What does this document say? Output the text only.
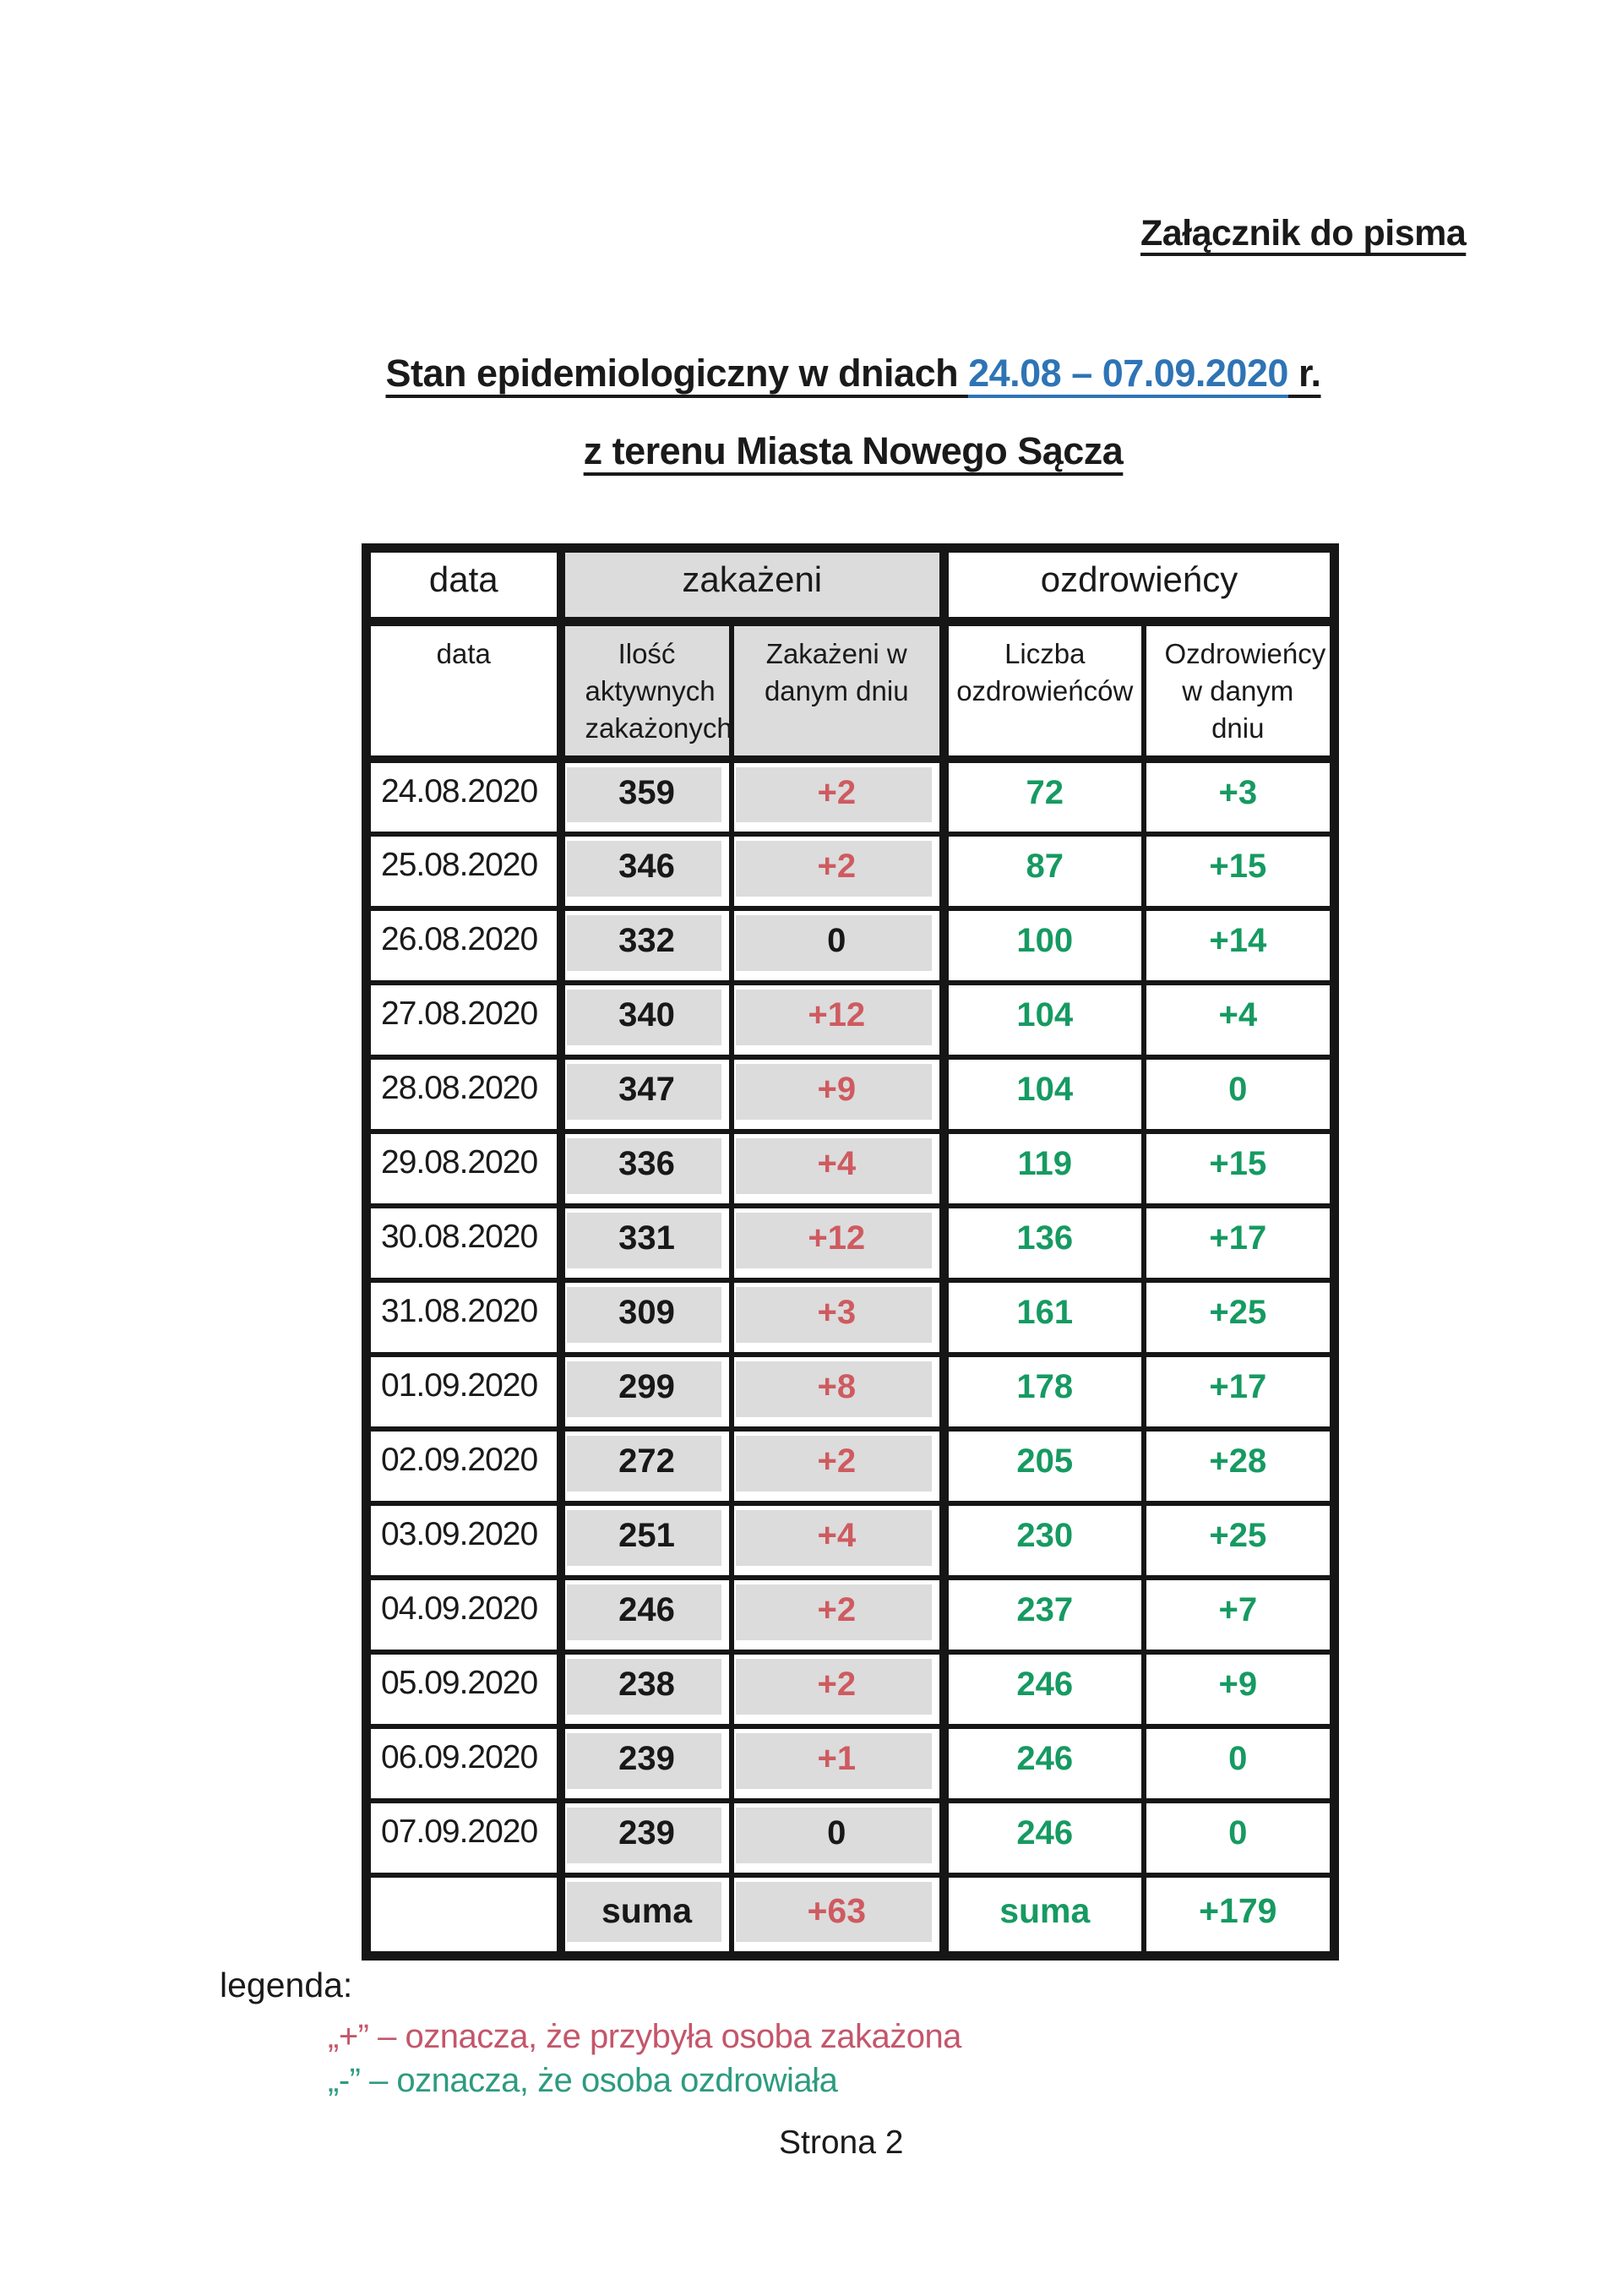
Załącznik do pisma
Stan epidemiologiczny w dniach 24.08 – 07.09.2020 r.
z terenu Miasta Nowego Sącza
data	zakażeni		ozdrowieńcy	
data	Ilość aktywnych zakażonych	Zakażeni w danym dniu	Liczba ozdrowieńców	Ozdrowieńcy w danym dniu
24.08.2020	359	+2	72	+3
25.08.2020	346	+2	87	+15
26.08.2020	332	0	100	+14
27.08.2020	340	+12	104	+4
28.08.2020	347	+9	104	0
29.08.2020	336	+4	119	+15
30.08.2020	331	+12	136	+17
31.08.2020	309	+3	161	+25
01.09.2020	299	+8	178	+17
02.09.2020	272	+2	205	+28
03.09.2020	251	+4	230	+25
04.09.2020	246	+2	237	+7
05.09.2020	238	+2	246	+9
06.09.2020	239	+1	246	0
07.09.2020	239	0	246	0
	suma	+63	suma	+179
legenda:
„+” – oznacza, że przybyła osoba zakażona
„-” – oznacza, że osoba ozdrowiała
Strona 2
